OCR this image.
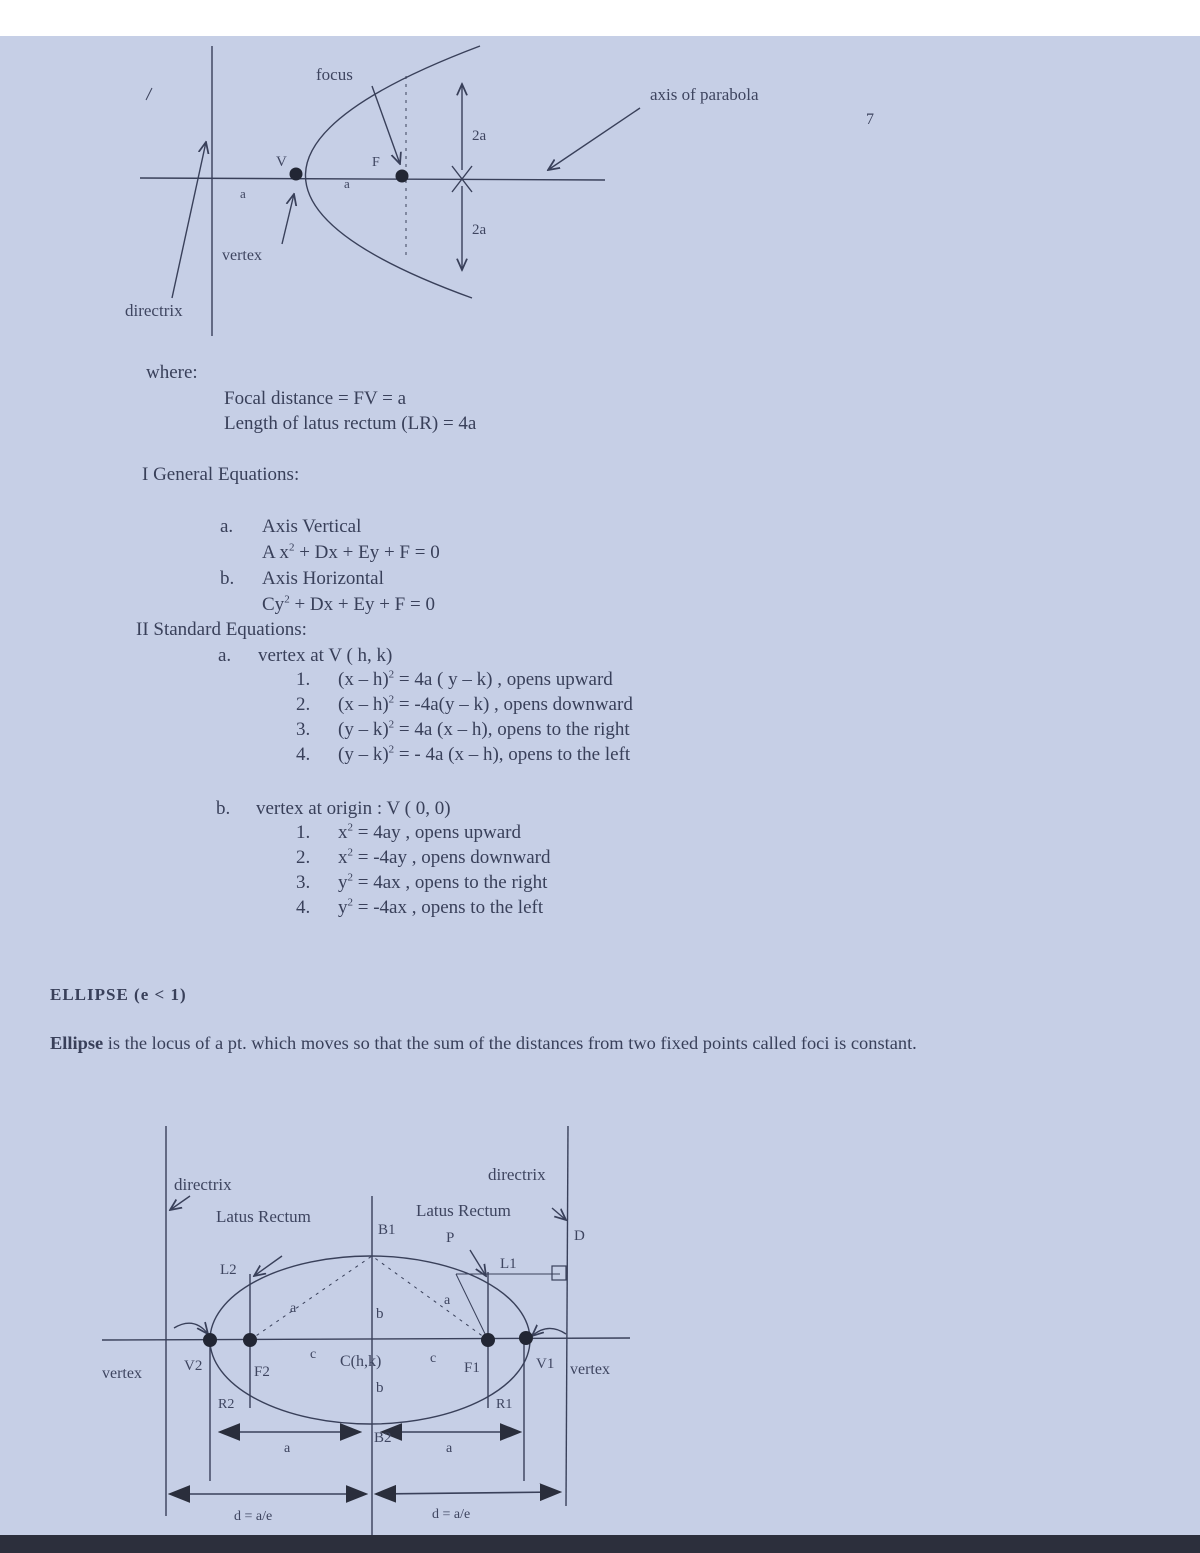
focus
axis of parabola
7
2a
2a
V	F
a
a
vertex
directrix
where:
Focal distance = FV = a
Length of latus rectum (LR) = 4a
I General Equations:
a. Axis Vertical
A $x^2 + Dx + Ey + F = 0$
b. Axis Horizontal
$Cy^2 + Dx + Ey + F = 0$
II Standard Equations:
a. vertex at V ( h, k)
1. (x – h)$^2$ = 4a ( y – k) , opens upward
2. (x – h)$^2$ = -4a(y – k) , opens downward
3. (y – k)$^2$ = 4a (x – h), opens to the right
4. (y – k)$^2$ = - 4a (x – h), opens to the left
b. vertex at origin : V ( 0, 0)
1. $x^2 = 4ay$ , opens upward
2. $x^2 = -4ay$ , opens downward
3. $y^2 = 4ax$ , opens to the right
4. $y^2 = -4ax$ , opens to the left
ELLIPSE (e < 1)
Ellipse is the locus of a pt. which moves so that the sum of the distances from two fixed points called foci is constant.
directrix
directrix
Latus Rectum	Latus Rectum
B1	P	D
L2	L1
a
a
b
c	c
C(h,k)
b
V2	F2	F1	V1
R2	R1
B2
vertex	vertex
a	a
d = a/e	d = a/e
